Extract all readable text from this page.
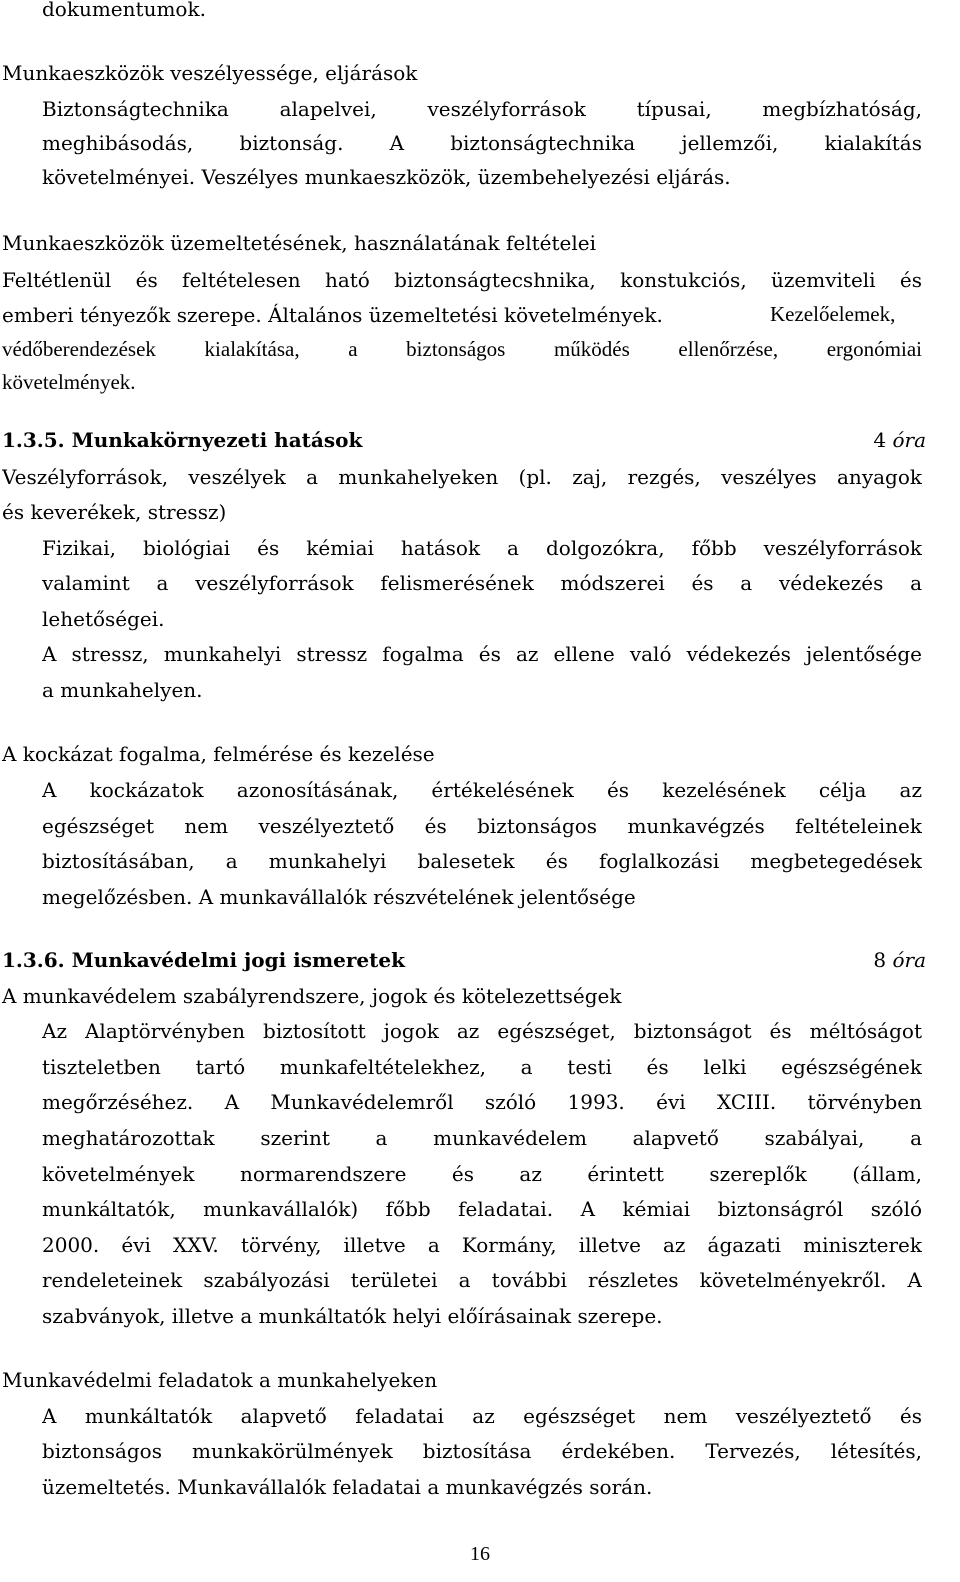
dokumentumok.
Munkaeszközök veszélyessége, eljárások
Biztonságtechnika alapelvei, veszélyforrások típusai, megbízhatóság,
meghibásodás, biztonság. A biztonságtechnika jellemzői, kialakítás
követelményei. Veszélyes munkaeszközök, üzembehelyezési eljárás.
Munkaeszközök üzemeltetésének, használatának feltételei
Feltétlenül és feltételesen ható biztonságtecshnika, konstukciós, üzemviteli és
emberi tényezők szerepe. Általános üzemeltetési követelmények.	Kezelőelemek,
védőberendezések kialakítása, a biztonságos működés ellenőrzése, ergonómiai
követelmények.
1.3.5. Munkakörnyezeti hatások	4 óra
Veszélyforrások, veszélyek a munkahelyeken (pl. zaj, rezgés, veszélyes anyagok
és keverékek, stressz)
Fizikai, biológiai és kémiai hatások a dolgozókra, főbb veszélyforrások
valamint a veszélyforrások felismerésének módszerei és a védekezés a
lehetőségei.
A stressz, munkahelyi stressz fogalma és az ellene való védekezés jelentősége
a munkahelyen.
A kockázat fogalma, felmérése és kezelése
A kockázatok azonosításának, értékelésének és kezelésének célja az
egészséget nem veszélyeztető és biztonságos munkavégzés feltételeinek
biztosításában, a munkahelyi balesetek és foglalkozási megbetegedések
megelőzésben. A munkavállalók részvételének jelentősége
1.3.6. Munkavédelmi jogi ismeretek	8 óra
A munkavédelem szabályrendszere, jogok és kötelezettségek
Az Alaptörvényben biztosított jogok az egészséget, biztonságot és méltóságot
tiszteletben tartó munkafeltételekhez, a testi és lelki egészségének
megőrzéséhez. A Munkavédelemről szóló 1993. évi XCIII. törvényben
meghatározottak szerint a munkavédelem alapvető szabályai, a
követelmények normarendszere és az érintett szereplők (állam,
munkáltatók, munkavállalók) főbb feladatai. A kémiai biztonságról szóló
2000. évi XXV. törvény, illetve a Kormány, illetve az ágazati miniszterek
rendeleteinek szabályozási területei a további részletes követelményekről. A
szabványok, illetve a munkáltatók helyi előírásainak szerepe.
Munkavédelmi feladatok a munkahelyeken
A munkáltatók alapvető feladatai az egészséget nem veszélyeztető és
biztonságos munkakörülmények biztosítása érdekében. Tervezés, létesítés,
üzemeltetés. Munkavállalók feladatai a munkavégzés során.
16
